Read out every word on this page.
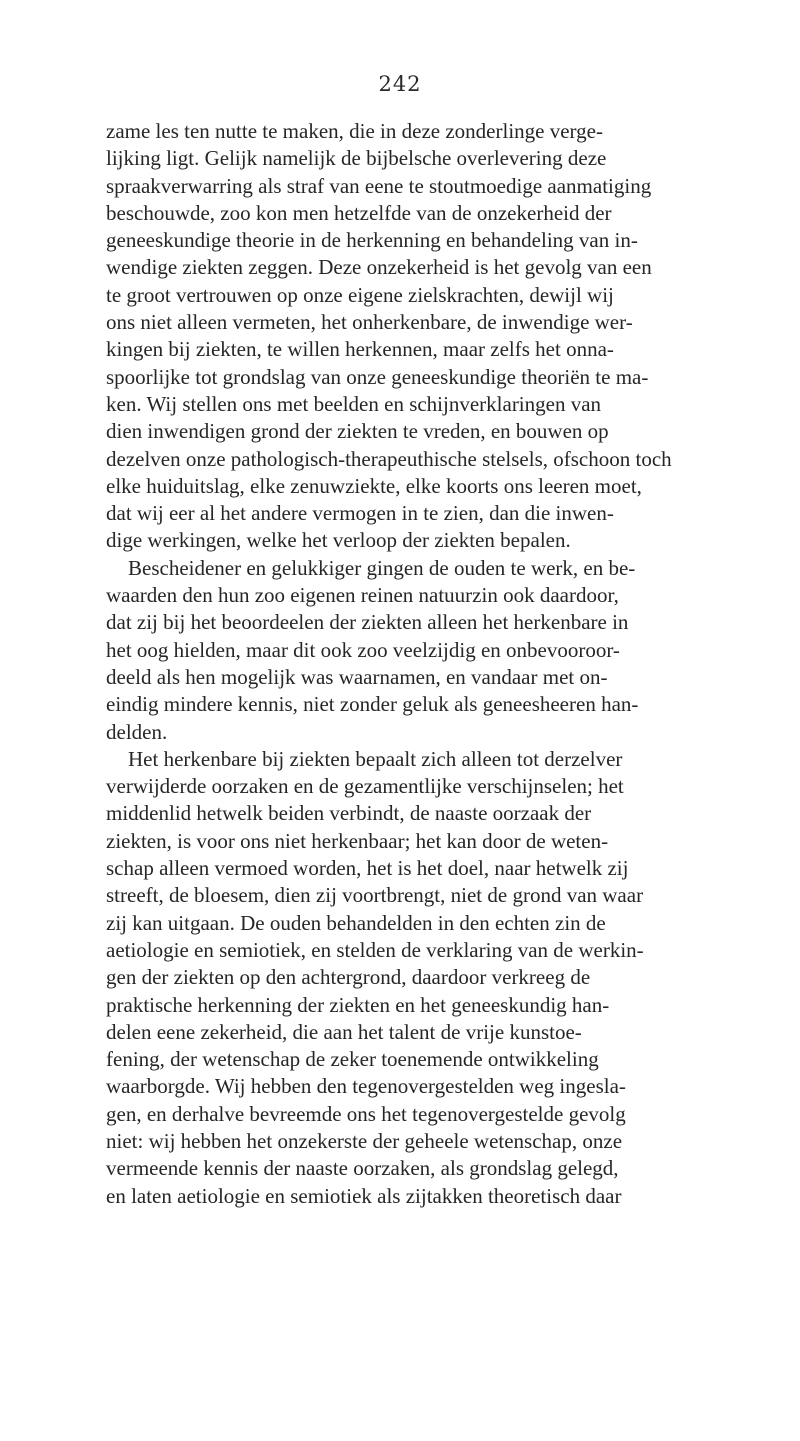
242
zame les ten nutte te maken, die in deze zonderlinge verge-
lijking ligt. Gelijk namelijk de bijbelsche overlevering deze
spraakverwarring als straf van eene te stoutmoedige aanmatiging
beschouwde, zoo kon men hetzelfde van de onzekerheid der
geneeskundige theorie in de herkenning en behandeling van in-
wendige ziekten zeggen. Deze onzekerheid is het gevolg van een
te groot vertrouwen op onze eigene zielskrachten, dewijl wij
ons niet alleen vermeten, het onherkenbare, de inwendige wer-
kingen bij ziekten, te willen herkennen, maar zelfs het onna-
spoorlijke tot grondslag van onze geneeskundige theoriën te ma-
ken. Wij stellen ons met beelden en schijnverklaringen van
dien inwendigen grond der ziekten te vreden, en bouwen op
dezelven onze pathologisch-therapeuthische stelsels, ofschoon toch
elke huiduitslag, elke zenuwziekte, elke koorts ons leeren moet,
dat wij eer al het andere vermogen in te zien, dan die inwen-
dige werkingen, welke het verloop der ziekten bepalen.
Bescheidener en gelukkiger gingen de ouden te werk, en be-
waarden den hun zoo eigenen reinen natuurzin ook daardoor,
dat zij bij het beoordeelen der ziekten alleen het herkenbare in
het oog hielden, maar dit ook zoo veelzijdig en onbevooroor-
deeld als hen mogelijk was waarnamen, en vandaar met on-
eindig mindere kennis, niet zonder geluk als geneesheeren han-
delden.
Het herkenbare bij ziekten bepaalt zich alleen tot derzelver
verwijderde oorzaken en de gezamentlijke verschijnselen; het
middenlid hetwelk beiden verbindt, de naaste oorzaak der
ziekten, is voor ons niet herkenbaar; het kan door de weten-
schap alleen vermoed worden, het is het doel, naar hetwelk zij
streeft, de bloesem, dien zij voortbrengt, niet de grond van waar
zij kan uitgaan. De ouden behandelden in den echten zin de
aetiologie en semiotiek, en stelden de verklaring van de werkin-
gen der ziekten op den achtergrond, daardoor verkreeg de
praktische herkenning der ziekten en het geneeskundig han-
delen eene zekerheid, die aan het talent de vrije kunstoe-
fening, der wetenschap de zeker toenemende ontwikkeling
waarborgde. Wij hebben den tegenovergestelden weg ingesla-
gen, en derhalve bevreemde ons het tegenovergestelde gevolg
niet: wij hebben het onzekerste der geheele wetenschap, onze
vermeende kennis der naaste oorzaken, als grondslag gelegd,
en laten aetiologie en semiotiek als zijtakken theoretisch daar
